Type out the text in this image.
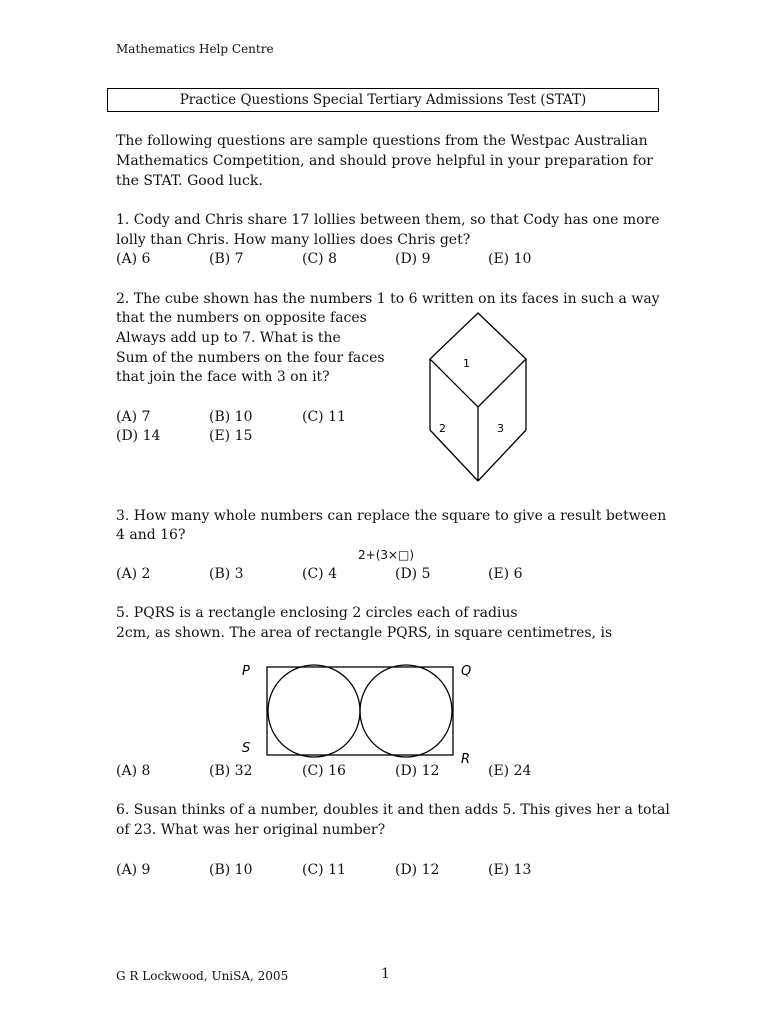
Mathematics Help Centre
Practice Questions Special Tertiary Admissions Test (STAT)
The following questions are sample questions from the Westpac Australian
Mathematics Competition, and should prove helpful in your preparation for
the STAT. Good luck.
1. Cody and Chris share 17 lollies between them, so that Cody has one more
lolly than Chris. How many lollies does Chris get?
(A) 6	(B) 7	(C) 8	(D) 9	(E) 10
2. The cube shown has the numbers 1 to 6 written on its faces in such a way
that the numbers on opposite faces
Always add up to 7. What is the
Sum of the numbers on the four faces
that join the face with 3 on it?
(A) 7	(B) 10	(C) 11
(D) 14	(E) 15
1
2	3
3. How many whole numbers can replace the square to give a result between
4 and 16?
2+(3×□)
(A) 2	(B) 3	(C) 4	(D) 5	(E) 6
5. PQRS is a rectangle enclosing 2 circles each of radius
2cm, as shown. The area of rectangle PQRS, in square centimetres, is
P	Q
S
R
(A) 8	(B) 32	(C) 16	(D) 12	(E) 24
6. Susan thinks of a number, doubles it and then adds 5. This gives her a total
of 23. What was her original number?
(A) 9	(B) 10	(C) 11	(D) 12	(E) 13
G R Lockwood, UniSA, 2005	1
